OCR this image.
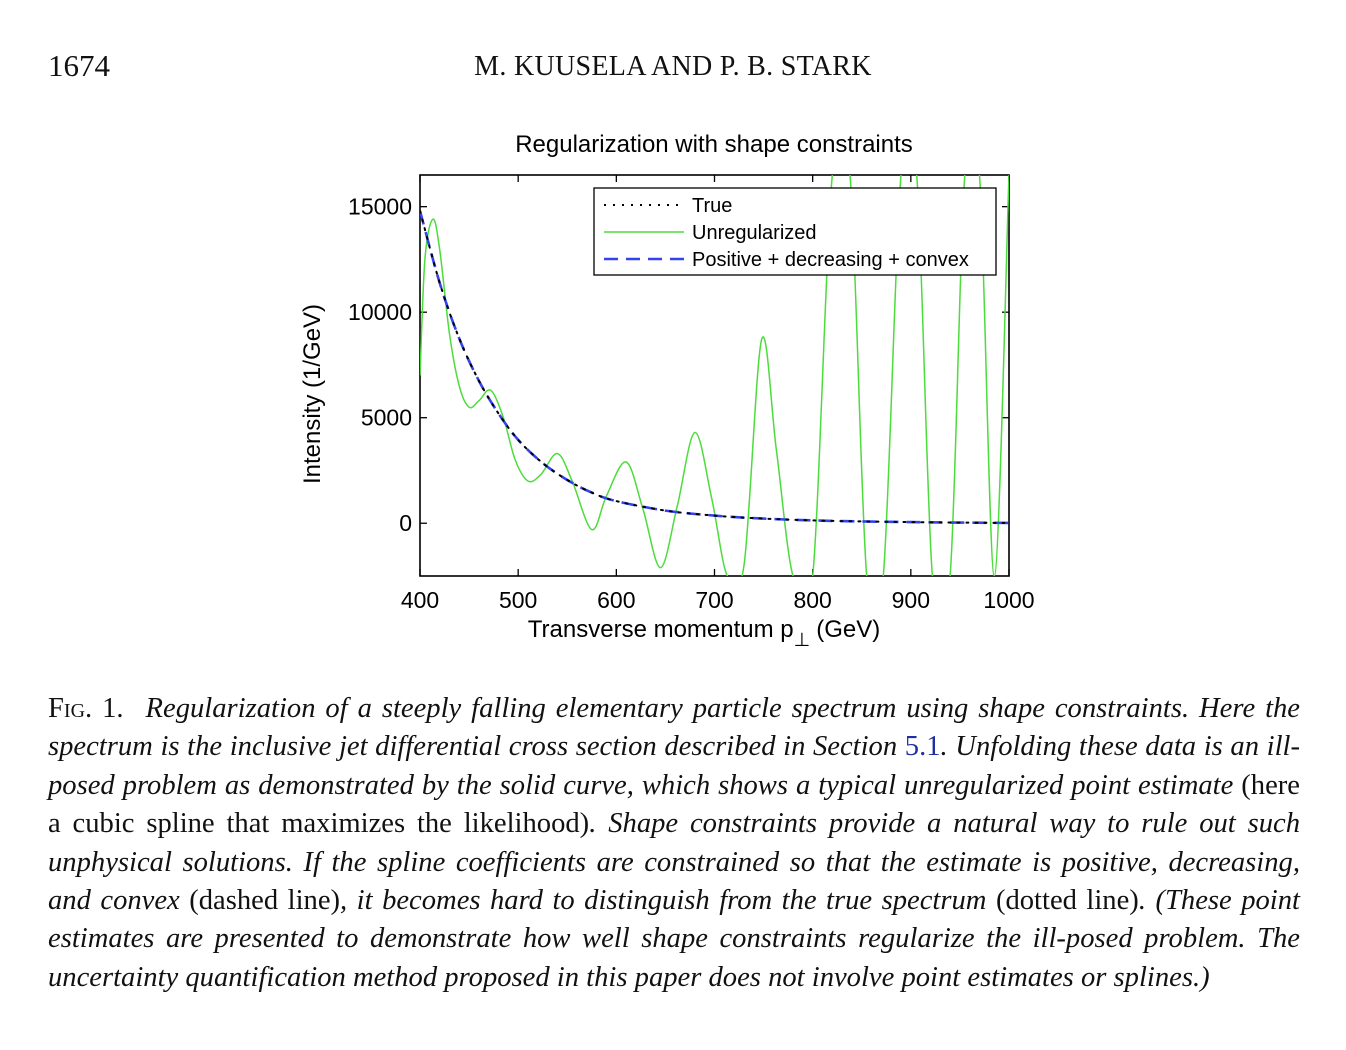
1674	M. KUUSELA AND P. B. STARK
Regularization with shape constraints
400	500	600	700	800	900 1000
0
5000
10000
15000
Intensity (1/GeV)
Transverse momentum $p_\perp$ (GeV)
True
Unregularized
Positive + decreasing + convex
Fig. 1. Regularization of a steeply falling elementary particle spectrum using shape constraints. Here the spectrum is the inclusive jet differential cross section described in Section 5.1. Unfolding these data is an ill-posed problem as demonstrated by the solid curve, which shows a typical unregularized point estimate (here a cubic spline that maximizes the likelihood). Shape constraints provide a natural way to rule out such unphysical solutions. If the spline coefficients are constrained so that the estimate is positive, decreasing, and convex (dashed line), it becomes hard to distinguish from the true spectrum (dotted line). (These point estimates are presented to demonstrate how well shape constraints regularize the ill-posed problem. The uncertainty quantification method proposed in this paper does not involve point estimates or splines.)
